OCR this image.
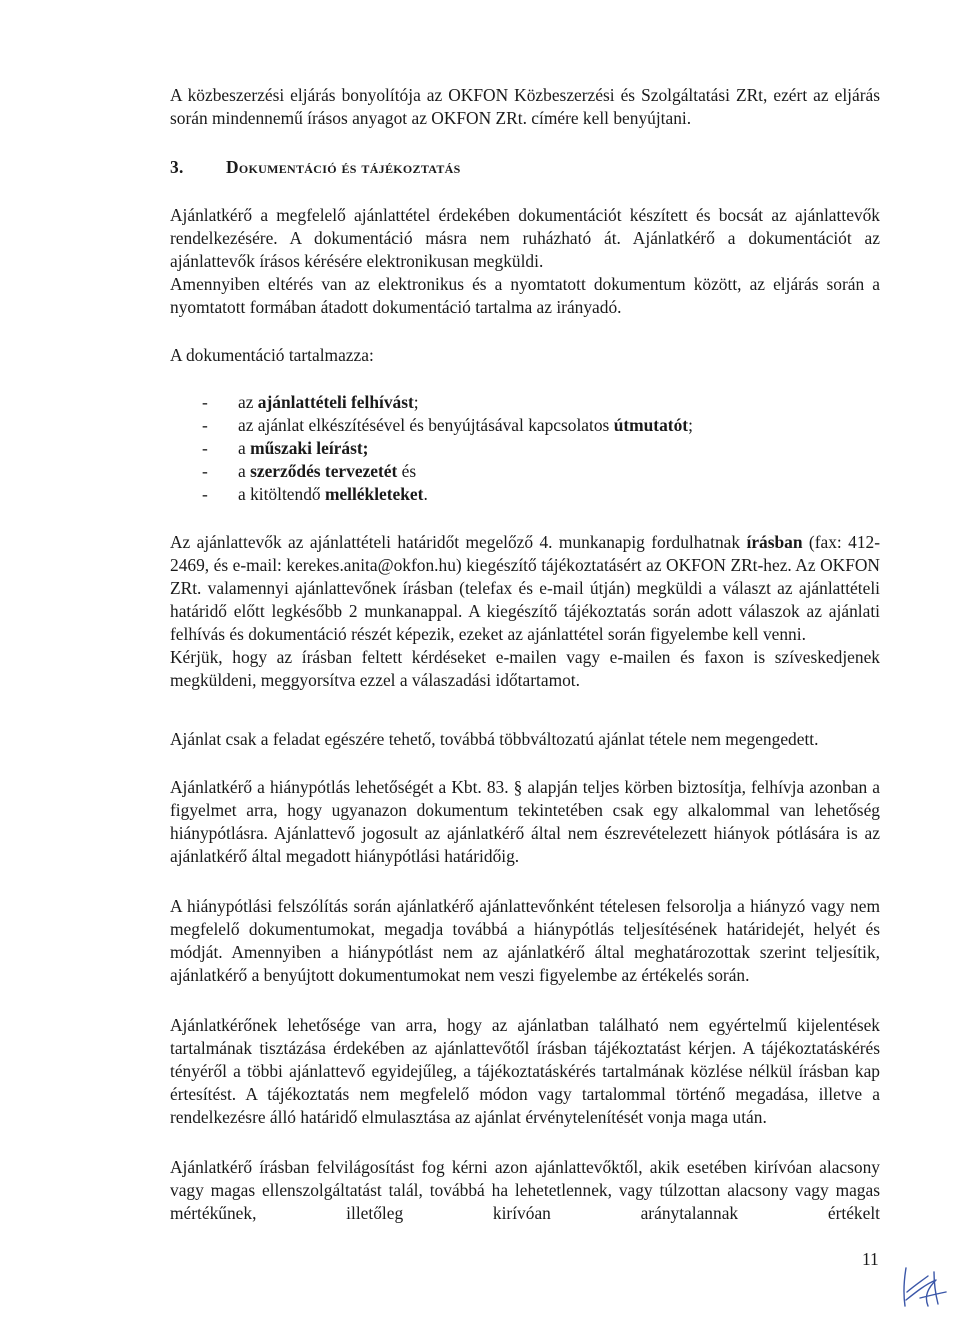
A közbeszerzési eljárás bonyolítója az OKFON Közbeszerzési és Szolgáltatási ZRt, ezért az eljárás során mindennemű írásos anyagot az OKFON ZRt. címére kell benyújtani.

3. Dokumentáció és tájékoztatás

Ajánlatkérő a megfelelő ajánlattétel érdekében dokumentációt készített és bocsát az ajánlattevők rendelkezésére. A dokumentáció másra nem ruházható át. Ajánlatkérő a dokumentációt az ajánlattevők írásos kérésére elektronikusan megküldi.

Amennyiben eltérés van az elektronikus és a nyomtatott dokumentum között, az eljárás során a nyomtatott formában átadott dokumentáció tartalma az irányadó.

A dokumentáció tartalmazza:

- az ajánlattételi felhívást;
- az ajánlat elkészítésével és benyújtásával kapcsolatos útmutatót;
- a műszaki leírást;
- a szerződés tervezetét és
- a kitöltendő mellékleteket.

Az ajánlattevők az ajánlattételi határidőt megelőző 4. munkanapig fordulhatnak írásban (fax: 412-2469, és e-mail: kerekes.anita@okfon.hu) kiegészítő tájékoztatásért az OKFON ZRt-hez. Az OKFON ZRt. valamennyi ajánlattevőnek írásban (telefax és e-mail útján) megküldi a választ az ajánlattételi határidő előtt legkésőbb 2 munkanappal. A kiegészítő tájékoztatás során adott válaszok az ajánlati felhívás és dokumentáció részét képezik, ezeket az ajánlattétel során figyelembe kell venni.

Kérjük, hogy az írásban feltett kérdéseket e-mailen vagy e-mailen és faxon is szíveskedjenek megküldeni, meggyorsítva ezzel a válaszadási időtartamot.

Ajánlat csak a feladat egészére tehető, továbbá többváltozatú ajánlat tétele nem megengedett.

Ajánlatkérő a hiánypótlás lehetőségét a Kbt. 83. § alapján teljes körben biztosítja, felhívja azonban a figyelmet arra, hogy ugyanazon dokumentum tekintetében csak egy alkalommal van lehetőség hiánypótlásra. Ajánlattevő jogosult az ajánlatkérő által nem észrevételezett hiányok pótlására is az ajánlatkérő által megadott hiánypótlási határidőig.

A hiánypótlási felszólítás során ajánlatkérő ajánlattevőnként tételesen felsorolja a hiányzó vagy nem megfelelő dokumentumokat, megadja továbbá a hiánypótlás teljesítésének határidejét, helyét és módját. Amennyiben a hiánypótlást nem az ajánlatkérő által meghatározottak szerint teljesítik, ajánlatkérő a benyújtott dokumentumokat nem veszi figyelembe az értékelés során.

Ajánlatkérőnek lehetősége van arra, hogy az ajánlatban található nem egyértelmű kijelentések tartalmának tisztázása érdekében az ajánlattevőtől írásban tájékoztatást kérjen. A tájékoztatáskérés tényéről a többi ajánlattevő egyidejűleg, a tájékoztatáskérés tartalmának közlése nélkül írásban kap értesítést. A tájékoztatás nem megfelelő módon vagy tartalommal történő megadása, illetve a rendelkezésre álló határidő elmulasztása az ajánlat érvénytelenítését vonja maga után.

Ajánlatkérő írásban felvilágosítást fog kérni azon ajánlattevőktől, akik esetében kirívóan alacsony vagy magas ellenszolgáltatást talál, továbbá ha lehetetlennek, vagy túlzottan alacsony vagy magas mértékűnek, illetőleg kirívóan aránytalannak értékelt

11
